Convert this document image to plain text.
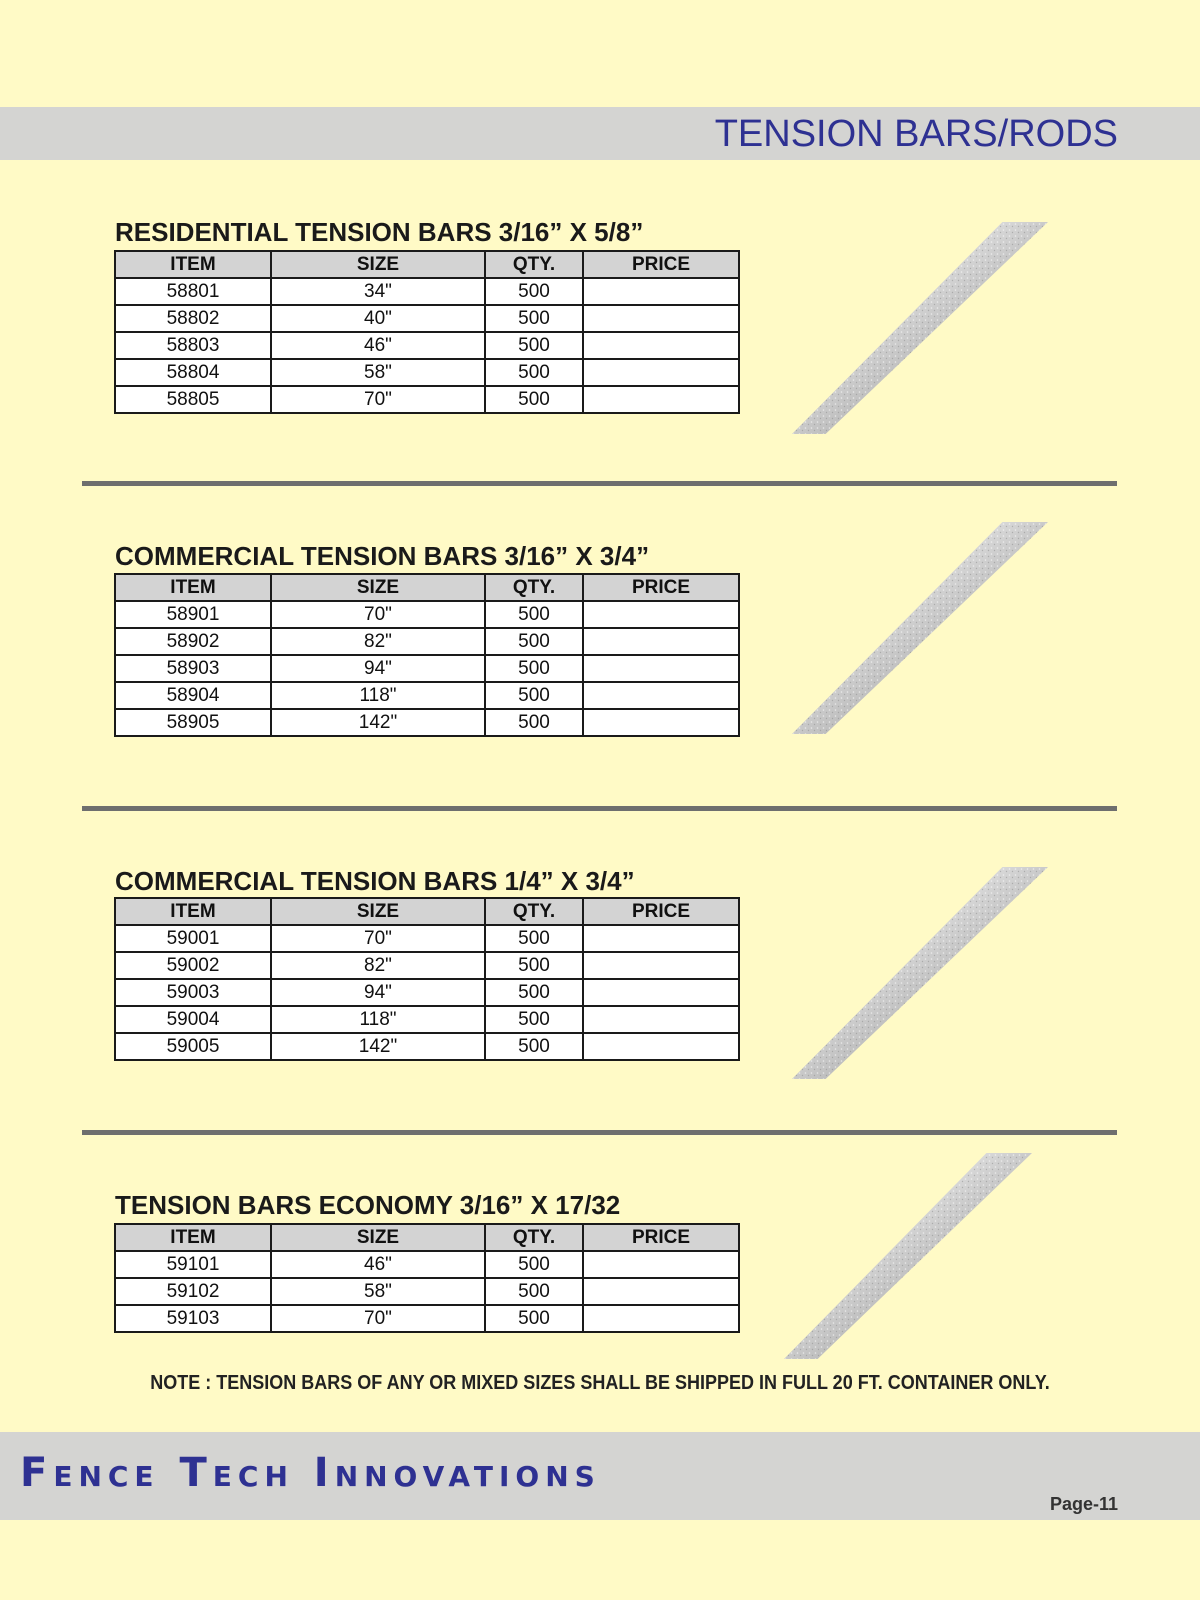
TENSION BARS/RODS
RESIDENTIAL TENSION BARS 3/16” X 5/8”
ITEM	SIZE	QTY.	PRICE
58801	34"	500	
58802	40"	500	
58803	46"	500	
58804	58"	500	
58805	70"	500	
COMMERCIAL TENSION BARS 3/16” X 3/4”
ITEM	SIZE	QTY.	PRICE
58901	70"	500	
58902	82"	500	
58903	94"	500	
58904	118"	500	
58905	142"	500	
COMMERCIAL TENSION BARS 1/4” X 3/4”
ITEM	SIZE	QTY.	PRICE
59001	70"	500	
59002	82"	500	
59003	94"	500	
59004	118"	500	
59005	142"	500	
TENSION BARS ECONOMY 3/16” X 17/32
ITEM	SIZE	QTY.	PRICE
59101	46"	500	
59102	58"	500	
59103	70"	500	
NOTE : TENSION BARS OF ANY OR MIXED SIZES SHALL BE SHIPPED IN FULL 20 FT. CONTAINER ONLY.
Fence Tech Innovations
Page-11
